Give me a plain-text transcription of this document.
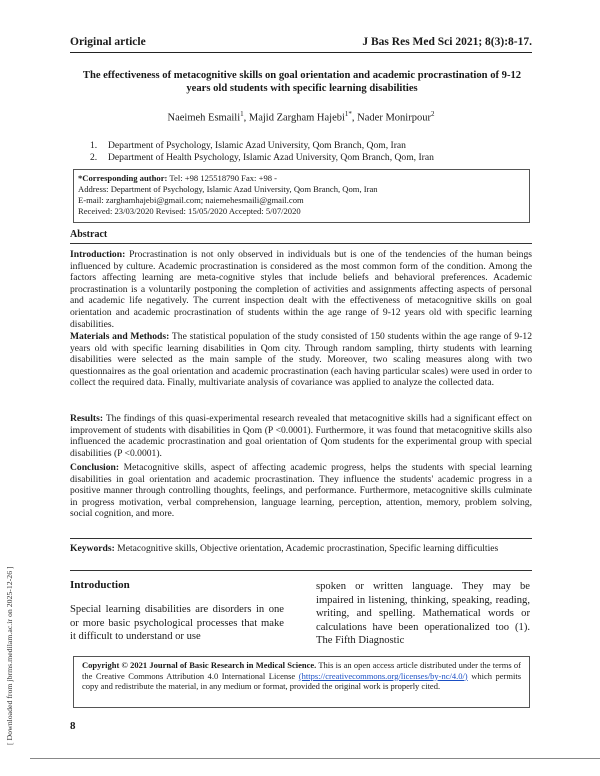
Original article	J Bas Res Med Sci 2021; 8(3):8-17.
The effectiveness of metacognitive skills on goal orientation and academic procrastination of 9-12 years old students with specific learning disabilities
Naeimeh Esmaili$^1$, Majid Zargham Hajebi$^{1*}$, Nader Monirpour$^2$
1. Department of Psychology, Islamic Azad University, Qom Branch, Qom, Iran
2. Department of Health Psychology, Islamic Azad University, Qom Branch, Qom, Iran
*Corresponding author: Tel: +98 125518790 Fax: +98 -
Address: Department of Psychology, Islamic Azad University, Qom Branch, Qom, Iran
E-mail: zarghamhajebi@gmail.com; naiemehesmaili@gmail.com
Received: 23/03/2020 Revised: 15/05/2020 Accepted: 5/07/2020
Abstract
Introduction: Procrastination is not only observed in individuals but is one of the tendencies of the human beings influenced by culture. Academic procrastination is considered as the most common form of the condition. Among the factors affecting learning are meta-cognitive styles that include beliefs and behavioral preferences. Academic procrastination is a voluntarily postponing the completion of activities and assignments affecting aspects of personal and academic life negatively. The current inspection dealt with the effectiveness of metacognitive skills on goal orientation and academic procrastination of students within the age range of 9-12 years old with specific learning disabilities.
Materials and Methods: The statistical population of the study consisted of 150 students within the age range of 9-12 years old with specific learning disabilities in Qom city. Through random sampling, thirty students with learning disabilities were selected as the main sample of the study. Moreover, two scaling measures along with two questionnaires as the goal orientation and academic procrastination (each having particular scales) were used in order to collect the required data. Finally, multivariate analysis of covariance was applied to analyze the collected data.
Results: The findings of this quasi-experimental research revealed that metacognitive skills had a significant effect on improvement of students with disabilities in Qom (P <0.0001). Furthermore, it was found that metacognitive skills also influenced the academic procrastination and goal orientation of Qom students for the experimental group with special disabilities (P <0.0001).
Conclusion: Metacognitive skills, aspect of affecting academic progress, helps the students with special learning disabilities in goal orientation and academic procrastination. They influence the students' academic progress in a positive manner through controlling thoughts, feelings, and performance. Furthermore, metacognitive skills culminate in progress motivation, verbal comprehension, language learning, perception, attention, memory, problem solving, social cognition, and more.
Keywords: Metacognitive skills, Objective orientation, Academic procrastination, Specific learning difficulties
Introduction
Special learning disabilities are disorders in one or more basic psychological processes that make it difficult to understand or use
spoken or written language. They may be impaired in listening, thinking, speaking, reading, writing, and spelling. Mathematical words or calculations have been operationalized too (1). The Fifth Diagnostic
Copyright © 2021 Journal of Basic Research in Medical Science. This is an open access article distributed under the terms of the Creative Commons Attribution 4.0 International License (https://creativecommons.org/licenses/by-nc/4.0/) which permits copy and redistribute the material, in any medium or format, provided the original work is properly cited.
8
[ Downloaded from jbrms.medilam.ac.ir on 2025-12-26 ]
